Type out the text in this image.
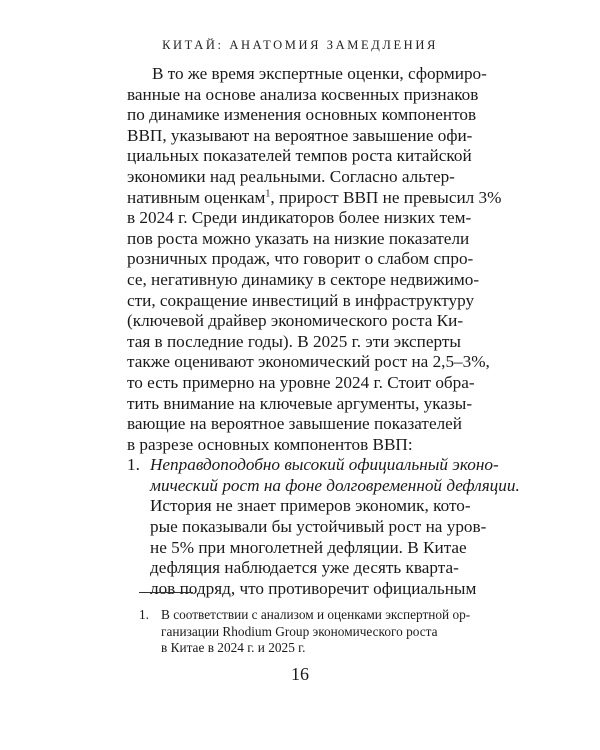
КИТАЙ: АНАТОМИЯ ЗАМЕДЛЕНИЯ
В то же время экспертные оценки, сформиро-
ванные на основе анализа косвенных признаков
по динамике изменения основных компонентов
ВВП, указывают на вероятное завышение офи-
циальных показателей темпов роста китайской
экономики над реальными. Согласно альтер-
нативным оценкам$^1$, прирост ВВП не превысил 3%
в 2024 г. Среди индикаторов более низких тем-
пов роста можно указать на низкие показатели
розничных продаж, что говорит о слабом спро-
се, негативную динамику в секторе недвижимо-
сти, сокращение инвестиций в инфраструктуру
(ключевой драйвер экономического роста Ки-
тая в последние годы). В 2025 г. эти эксперты
также оценивают экономический рост на 2,5–3%,
то есть примерно на уровне 2024 г. Стоит обра-
тить внимание на ключевые аргументы, указы-
вающие на вероятное завышение показателей
в разрезе основных компонентов ВВП:
1. Неправдоподобно высокий официальный эконо-
мический рост на фоне долговременной дефляции.
История не знает примеров экономик, кото-
рые показывали бы устойчивый рост на уров-
не 5% при многолетней дефляции. В Китае
дефляция наблюдается уже десять кварта-
лов подряд, что противоречит официальным
1. В соответствии с анализом и оценками экспертной ор-
ганизации Rhodium Group экономического роста
в Китае в 2024 г. и 2025 г.
16
